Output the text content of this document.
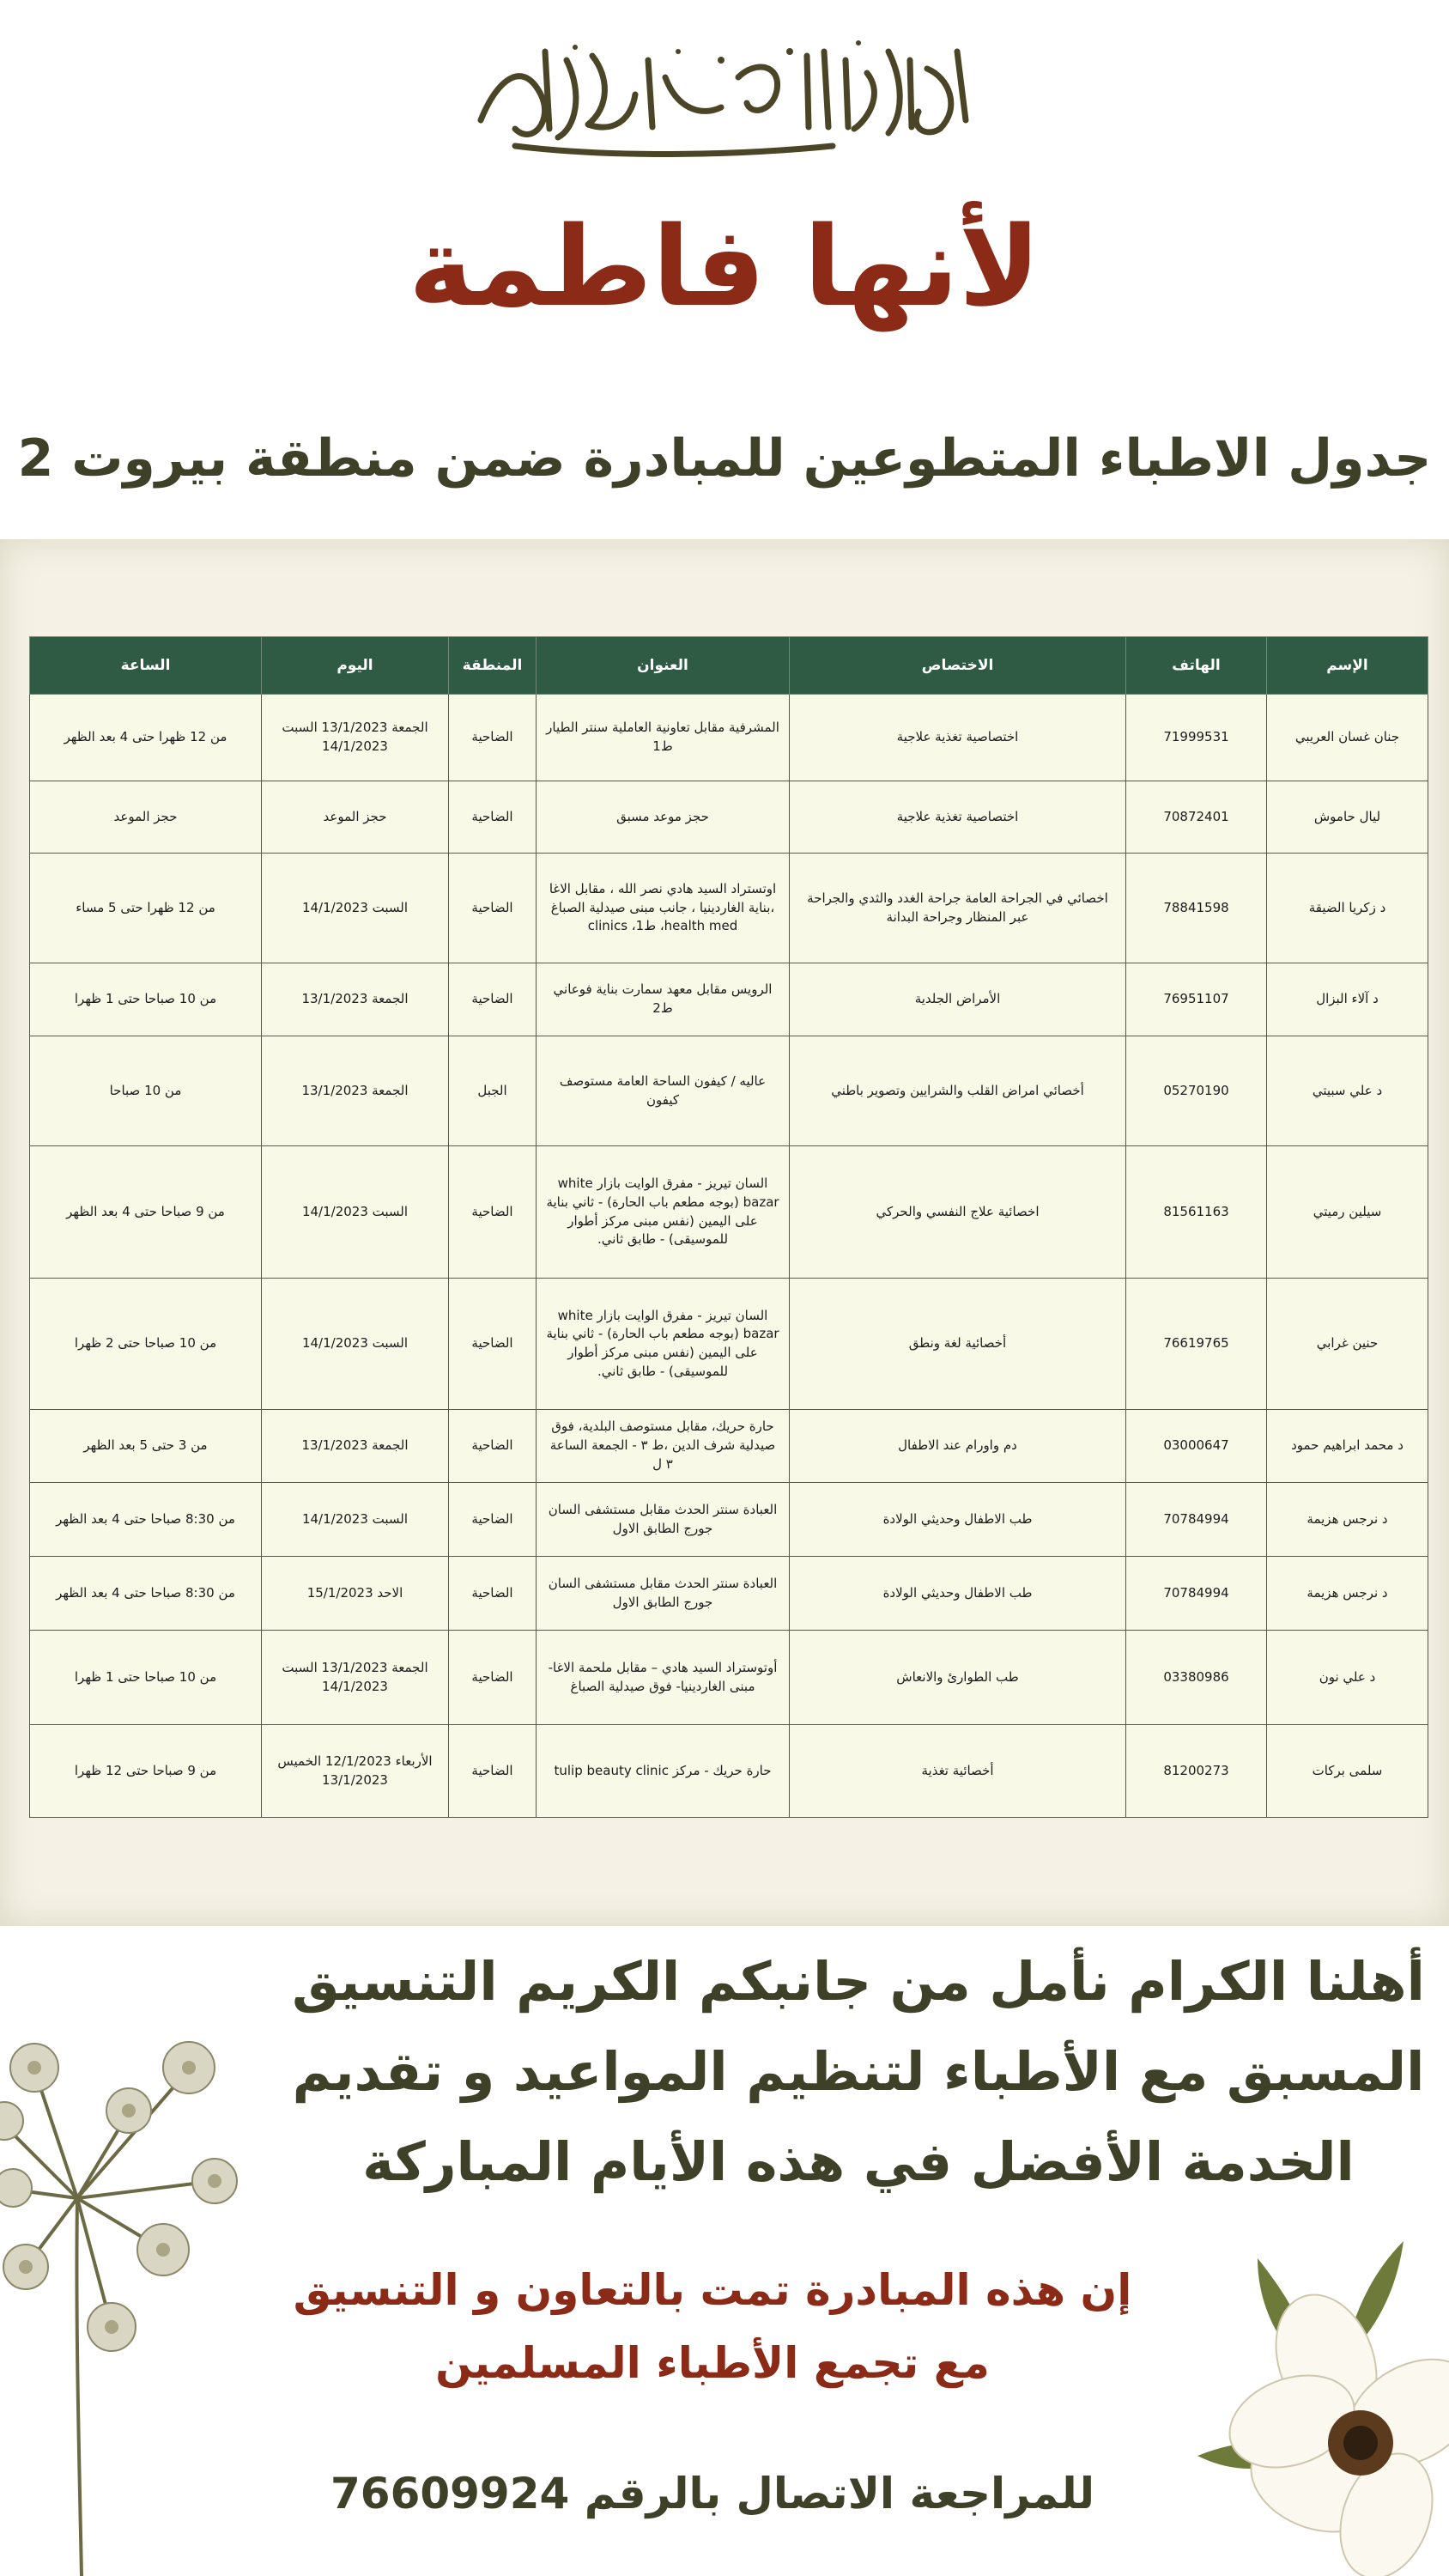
لأنها فاطمة
جدول الاطباء المتطوعين للمبادرة ضمن منطقة بيروت 2
الإسم	الهاتف	الاختصاص	العنوان	المنطقة	اليوم	الساعة
جنان غسان العريبي	71999531	اختصاصية تغذية علاجية	المشرفية مقابل تعاونية العاملية سنتر الطيار ط1	الضاحية	الجمعة 13/1/2023 السبت 14/1/2023	من 12 ظهرا حتى 4 بعد الظهر
ليال حاموش	70872401	اختصاصية تغذية علاجية	حجز موعد مسبق	الضاحية	حجز الموعد	حجز الموعد
د زكريا الضيقة	78841598	اخصائي في الجراحة العامة جراحة الغدد والثدي والجراحة عبر المنظار وجراحة البدانة	اوتستراد السيد هادي نصر الله ، مقابل الاغا ،بناية الغاردينيا ، جانب مبنى صيدلية الصباغ health med، ط1، clinics	الضاحية	السبت 14/1/2023	من 12 ظهرا حتى 5 مساء
د آلاء البزال	76951107	الأمراض الجلدية	الرويس مقابل معهد سمارت بناية فوعاني ط2	الضاحية	الجمعة 13/1/2023	من 10 صباحا حتى 1 ظهرا
د علي سبيتي	05270190	أخصائي امراض القلب والشرايين وتصوير باطني	عاليه / كيفون الساحة العامة مستوصف كيفون	الجبل	الجمعة 13/1/2023	من 10 صباحا
سيلين رميتي	81561163	اخصائية علاج النفسي والحركي	السان تيريز - مفرق الوايت بازار white bazar (بوجه مطعم باب الحارة) - ثاني بناية على اليمين (نفس مبنى مركز أطوار للموسيقى) - طابق ثاني.	الضاحية	السبت 14/1/2023	من 9 صباحا حتى 4 بعد الظهر
حنين غرابي	76619765	أخصائية لغة ونطق	السان تيريز - مفرق الوايت بازار white bazar (بوجه مطعم باب الحارة) - ثاني بناية على اليمين (نفس مبنى مركز أطوار للموسيقى) - طابق ثاني.	الضاحية	السبت 14/1/2023	من 10 صباحا حتى 2 ظهرا
د محمد ابراهيم حمود	03000647	دم واورام عند الاطفال	حارة حريك، مقابل مستوصف البلدية، فوق صيدلية شرف الدين ،ط ٣ - الجمعة الساعة ٣ ل	الضاحية	الجمعة 13/1/2023	من 3 حتى 5 بعد الظهر
د نرجس هزيمة	70784994	طب الاطفال وحديثي الولادة	العبادة سنتر الحدث مقابل مستشفى السان جورج الطابق الاول	الضاحية	السبت 14/1/2023	من 8:30 صباحا حتى 4 بعد الظهر
د نرجس هزيمة	70784994	طب الاطفال وحديثي الولادة	العبادة سنتر الحدث مقابل مستشفى السان جورج الطابق الاول	الضاحية	الاحد 15/1/2023	من 8:30 صباحا حتى 4 بعد الظهر
د علي نون	03380986	طب الطوارئ والانعاش	أوتوستراد السيد هادي – مقابل ملحمة الاغا- مبنى الغاردينيا- فوق صيدلية الصباغ	الضاحية	الجمعة 13/1/2023 السبت 14/1/2023	من 10 صباحا حتى 1 ظهرا
سلمى بركات	81200273	أخصائية تغذية	حارة حريك - مركز tulip beauty clinic	الضاحية	الأربعاء 12/1/2023 الخميس 13/1/2023	من 9 صباحا حتى 12 ظهرا
أهلنا الكرام نأمل من جانبكم الكريم التنسيق المسبق مع الأطباء لتنظيم المواعيد و تقديم الخدمة الأفضل في هذه الأيام المباركة
إن هذه المبادرة تمت بالتعاون و التنسيق مع تجمع الأطباء المسلمين
للمراجعة الاتصال بالرقم 76609924
